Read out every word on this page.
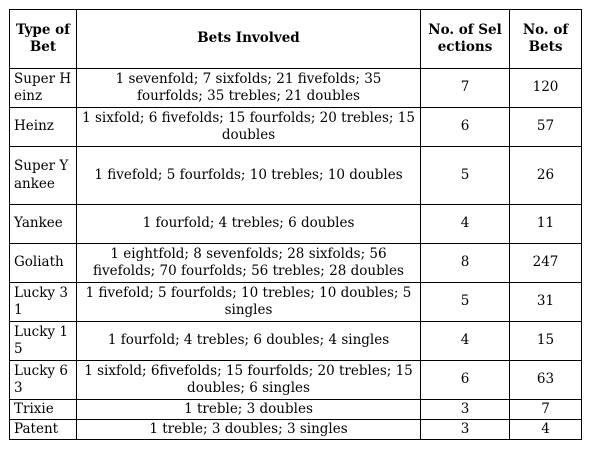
Type of Bet	Bets Involved	No. of Selections	No. of Bets
Super Heinz	1 sevenfold; 7 sixfolds; 21 fivefolds; 35 fourfolds; 35 trebles; 21 doubles	7	120
Heinz	1 sixfold; 6 fivefolds; 15 fourfolds; 20 trebles; 15 doubles	6	57
Super Yankee	1 fivefold; 5 fourfolds; 10 trebles; 10 doubles	5	26
Yankee	1 fourfold; 4 trebles; 6 doubles	4	11
Goliath	1 eightfold; 8 sevenfolds; 28 sixfolds; 56 fivefolds; 70 fourfolds; 56 trebles; 28 doubles	8	247
Lucky 31	1 fivefold; 5 fourfolds; 10 trebles; 10 doubles; 5 singles	5	31
Lucky 15	1 fourfold; 4 trebles; 6 doubles; 4 singles	4	15
Lucky 63	1 sixfold; 6fivefolds; 15 fourfolds; 20 trebles; 15 doubles; 6 singles	6	63
Trixie	1 treble; 3 doubles	3	7
Patent	1 treble; 3 doubles; 3 singles	3	4
